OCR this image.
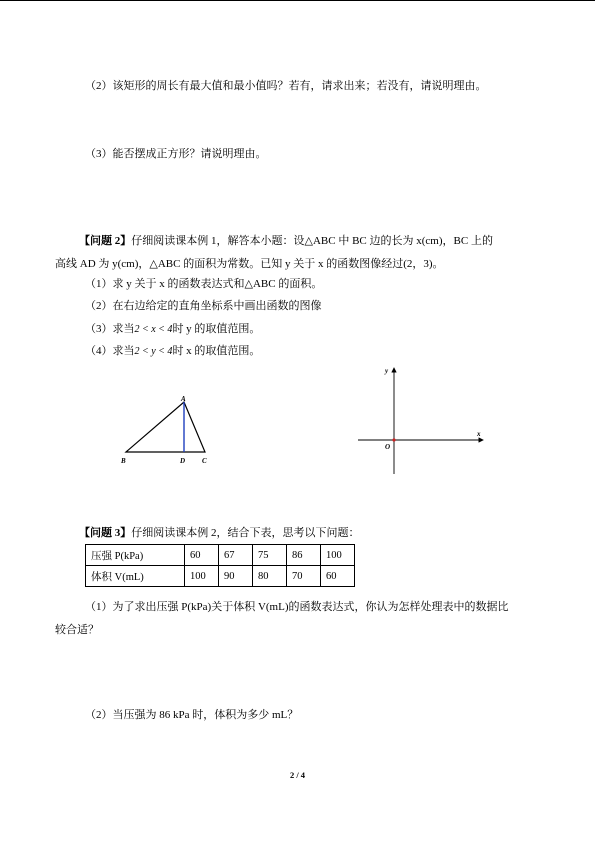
（2）该矩形的周长有最大值和最小值吗？若有，请求出来；若没有，请说明理由。
（3）能否摆成正方形？请说明理由。
【问题 2】仔细阅读课本例 1，解答本小题：设△ABC 中 BC 边的长为 x(cm)，BC 上的
高线 AD 为 y(cm)，△ABC 的面积为常数。已知 y 关于 x 的函数图像经过(2，3)。
（1）求 y 关于 x 的函数表达式和△ABC 的面积。
（2）在右边给定的直角坐标系中画出函数的图像
（3）求当2 < x < 4时 y 的取值范围。
（4）求当2 < y < 4时 x 的取值范围。
A
B	D C
x
y
O
【问题 3】仔细阅读课本例 2，结合下表，思考以下问题：
压强 P(kPa)	60	67	75	86	100
体积 V(mL)	100	90	80	70	60
（1）为了求出压强 P(kPa)关于体积 V(mL)的函数表达式，你认为怎样处理表中的数据比
较合适？
（2）当压强为 86 kPa 时，体积为多少 mL？
2 / 4
